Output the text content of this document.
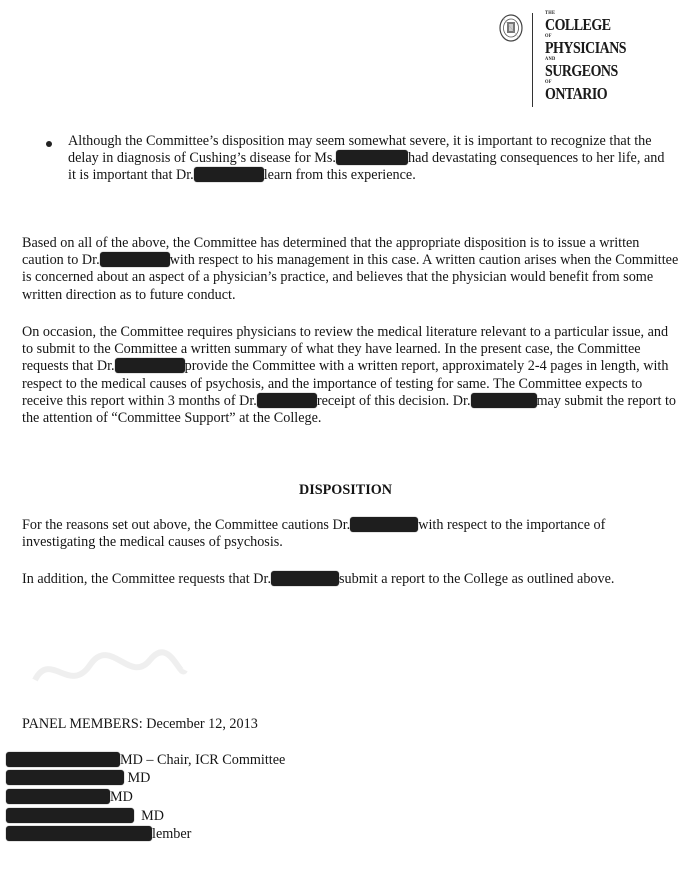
THE
COLLEGE
OF
PHYSICIANS
AND
SURGEONS
OF
ONTARIO

Although the Committee’s disposition may seem somewhat severe, it is important to recognize that the delay in diagnosis of Cushing’s disease for Ms.	had devastating consequences to her life, and it is important that Dr.	learn from this experience.

Based on all of the above, the Committee has determined that the appropriate disposition is to issue a written caution to Dr.	with respect to his management in this case. A written caution arises when the Committee is concerned about an aspect of a physician’s practice, and believes that the physician would benefit from some written direction as to future conduct.

On occasion, the Committee requires physicians to review the medical literature relevant to a particular issue, and to submit to the Committee a written summary of what they have learned. In the present case, the Committee requests that Dr.	provide the Committee with a written report, approximately 2-4 pages in length, with respect to the medical causes of psychosis, and the importance of testing for same. The Committee expects to receive this report within 3 months of Dr.	receipt of this decision. Dr.	may submit the report to the attention of “Committee Support” at the College.

DISPOSITION

For the reasons set out above, the Committee cautions Dr.	with respect to the importance of investigating the medical causes of psychosis.

In addition, the Committee requests that Dr.	submit a report to the College as outlined above.

PANEL MEMBERS: December 12, 2013
MD – Chair, ICR Committee
MD
MD
MD
lember
